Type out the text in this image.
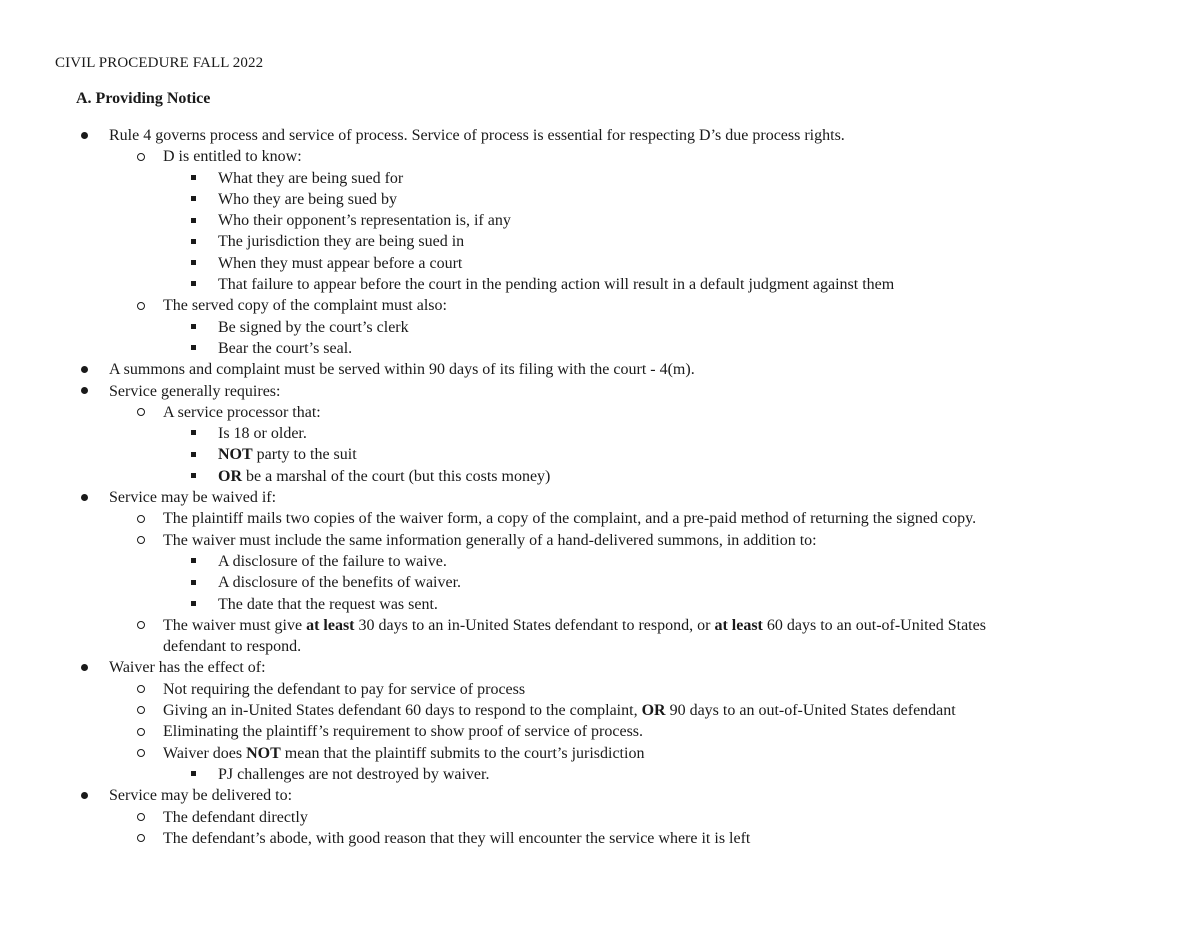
CIVIL PROCEDURE FALL 2022
A. Providing Notice
Rule 4 governs process and service of process. Service of process is essential for respecting D’s due process rights.
D is entitled to know:
What they are being sued for
Who they are being sued by
Who their opponent’s representation is, if any
The jurisdiction they are being sued in
When they must appear before a court
That failure to appear before the court in the pending action will result in a default judgment against them
The served copy of the complaint must also:
Be signed by the court’s clerk
Bear the court’s seal.
A summons and complaint must be served within 90 days of its filing with the court - 4(m).
Service generally requires:
A service processor that:
Is 18 or older.
NOT party to the suit
OR be a marshal of the court (but this costs money)
Service may be waived if:
The plaintiff mails two copies of the waiver form, a copy of the complaint, and a pre-paid method of returning the signed copy.
The waiver must include the same information generally of a hand-delivered summons, in addition to:
A disclosure of the failure to waive.
A disclosure of the benefits of waiver.
The date that the request was sent.
The waiver must give at least 30 days to an in-United States defendant to respond, or at least 60 days to an out-of-United States
defendant to respond.
Waiver has the effect of:
Not requiring the defendant to pay for service of process
Giving an in-United States defendant 60 days to respond to the complaint, OR 90 days to an out-of-United States defendant
Eliminating the plaintiff’s requirement to show proof of service of process.
Waiver does NOT mean that the plaintiff submits to the court’s jurisdiction
PJ challenges are not destroyed by waiver.
Service may be delivered to:
The defendant directly
The defendant’s abode, with good reason that they will encounter the service where it is left
